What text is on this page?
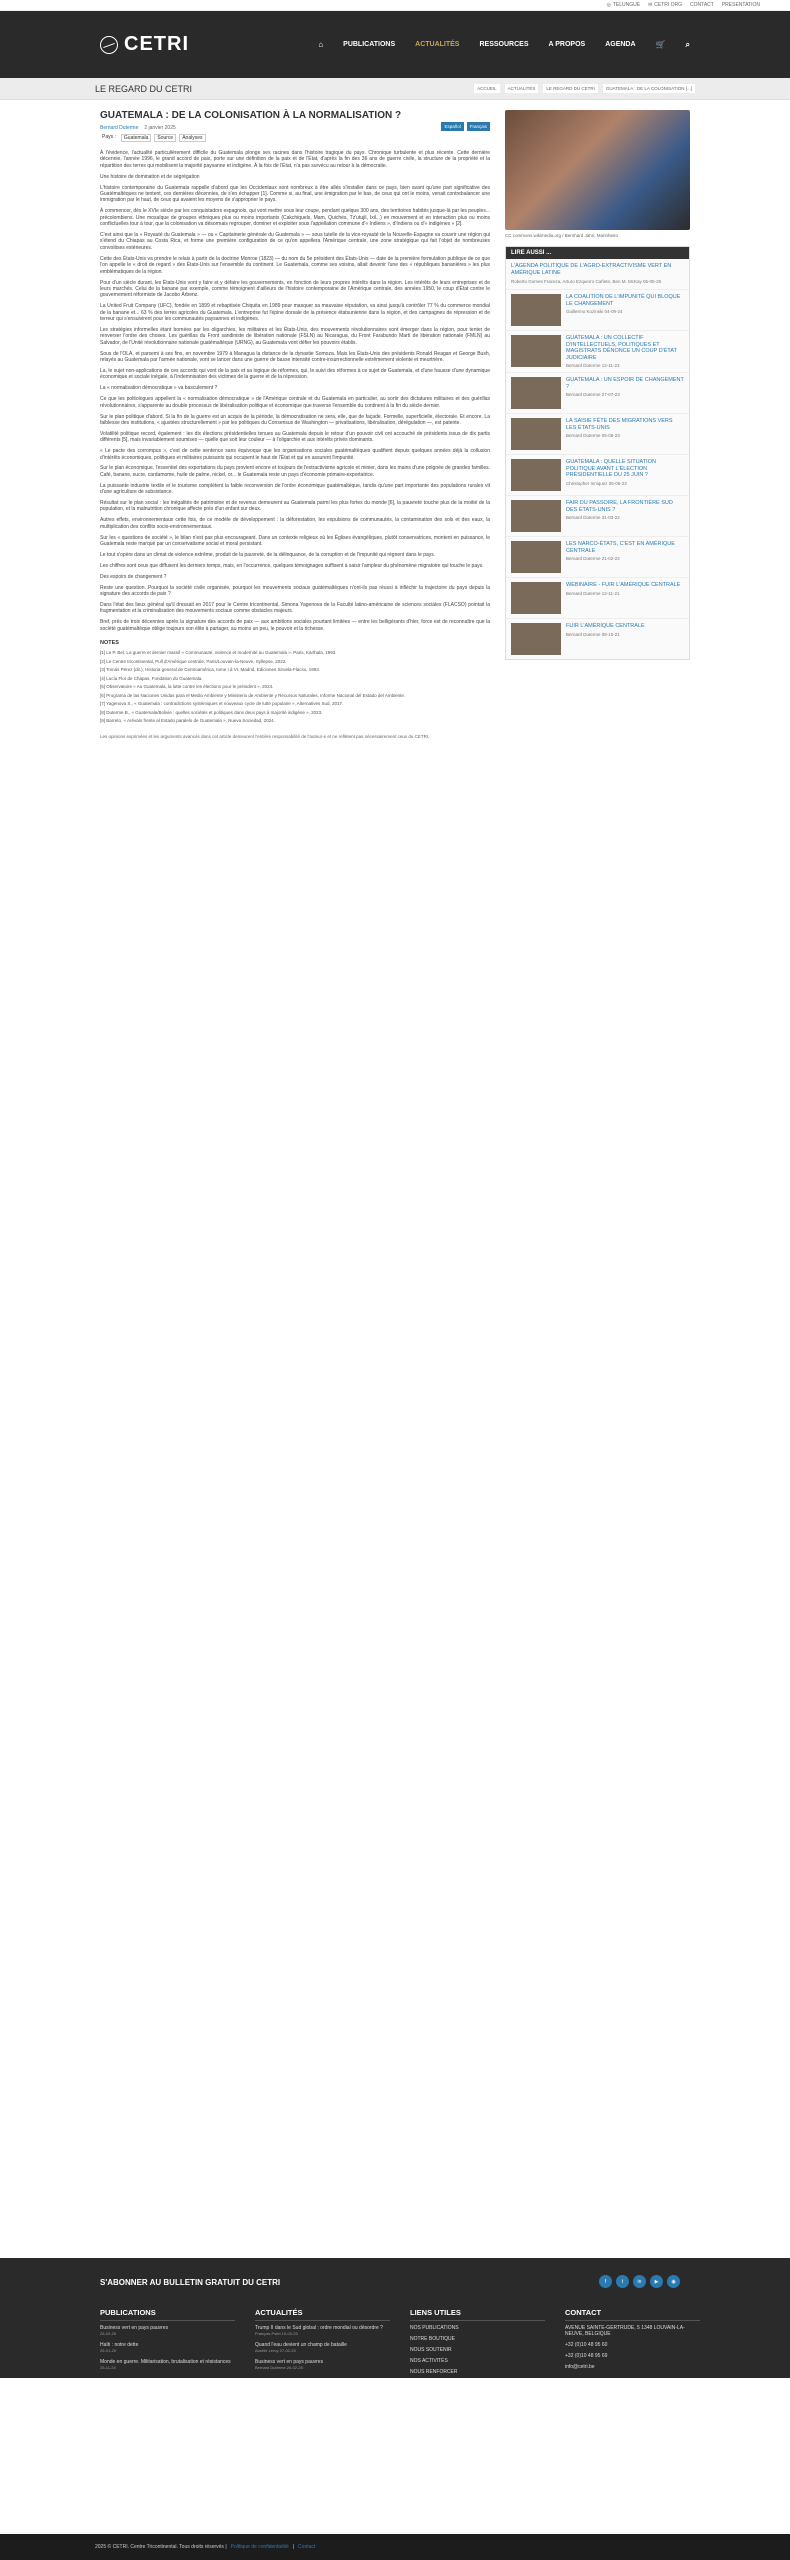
◎ TELUNGUE ✉ CETRI ORG CONTACT PRESENTATION
CETRI	⌂	PUBLICATIONS	ACTUALITÉS	RESSOURCES	A PROPOS	AGENDA	🛒	⌕
LE REGARD DU CETRI	ACCUEIL	ACTUALITÉS	LE REGARD DU CETRI	GUATEMALA : DE LA COLONISATION [...]
GUATEMALA : DE LA COLONISATION À LA NORMALISATION ?
Español	Français
Bernard Duterme 2 janvier 2025
Pays :	Guatemala	Source	Analyses

À l'évidence, l'actualité particulièrement difficile du Guatemala plonge ses racines dans l'histoire tragique du pays. Chronique turbulente et plus récente. Cette dernière décennie, l'année 1996, le grand accord de paix, porte sur une définition de la paix et de l'État, d'après la fin des 36 ans de guerre civile, la structure de la propriété et la répartition des terres qui mobilisent la majorité paysanne et indigène. À la fois de l'État, n'a pas survécu au retour à la démocratie.

Une histoire de domination et de ségrégation

L'histoire contemporaine du Guatemala rappelle d'abord que les Occidentaux sont nombreux à être allés s'installer dans ce pays, bien avant qu'une part significative des Guatémaltèques ne tentent, ces dernières décennies, de s'en échapper [1]. Comme si, au final, une émigration par le bas, de ceux qui ont le moins, venait contrebalancer une immigration par le haut, de ceux qui avaient les moyens de s'approprier le pays.

À commencer, dès le XVIe siècle par les conquistadors espagnols, qui vont mettre sous leur coupe, pendant quelque 300 ans, des territoires habités jusque-là par les peuples... précolombiens. Une mosaïque de groupes ethniques plus ou moins importants (Cakchiquels, Mam, Quichés, Tz'utujil, Ixil...) en mouvement et en interaction plus ou moins conflictuelles tour à tour, que la colonisation va désormais regrouper, dominer et exploiter sous l'appellation commune d'« Indiens », d'Indiens ou d'« indigènes » [2].

C'est ainsi que la « Royauté du Guatemala » — ou « Capitainerie générale du Guatemala » — sous tutelle de la vice-royauté de la Nouvelle-Espagne va couvrir une région qui s'étend du Chiapas au Costa Rica, et forme une première configuration de ce qu'on appellera l'Amérique centrale, une zone stratégique qui fait l'objet de nombreuses convoitises extérieures.

Cette des États-Unis va prendre le relais à partir de la doctrine Monroe (1823) — du nom du 5e président des États-Unis — date de la première formulation publique de ce que l'on appelle le « droit de regard » des États-Unis sur l'ensemble du continent. Le Guatemala, comme ses voisins, allait devenir l'une des « républiques bananières » les plus emblématiques de la région.

Pour d'un siècle durant, les États-Unis vont y faire et y défaire les gouvernements, en fonction de leurs propres intérêts dans la région. Les intérêts de leurs entreprises et de leurs marchés. Celui de la banane par exemple, comme témoignent d'ailleurs de l'histoire contemporaine de l'Amérique centrale, des années 1950, le coup d'État contre le gouvernement réformiste de Jacobo Árbenz.

La United Fruit Company (UFC), fondée en 1899 et rebaptisée Chiquita en 1989 pour masquer sa mauvaise réputation, va ainsi jusqu'à contrôler 77 % du commerce mondial de la banane et... 63 % des terres agricoles du Guatemala. L'entreprise fut l'épine dorsale de la présence étatsunienne dans la région, et des campagnes de répression et de terreur qui s'ensuivirent pour les communautés paysannes et indigènes.

Les stratégies informelles étant bornées par les oligarchies, les militaires et les États-Unis, des mouvements révolutionnaires vont émerger dans la région, pour tenter de renverser l'ordre des choses. Les guérillas du Front sandiniste de libération nationale (FSLN) au Nicaragua, du Front Farabundo Martí de libération nationale (FMLN) au Salvador, de l'Unité révolutionnaire nationale guatémaltèque (URNG), au Guatemala vont défier les pouvoirs établis.

Sous de l'OLA, et parsemi à ses fins, en novembre 1979 à Managua la distance de la dynastie Somoza. Mais les États-Unis des présidents Ronald Reagan et George Bush, relayés au Guatemala par l'armée nationale, vont se lancer dans une guerre de basse intensité contre-insurrectionnelle extrêmement violente et meurtrière.

La, le sujet non-applications de ces accords qui vont de la paix et sa logique de réformes, qui, le suivi des réformes à ce sujet de Guatemala, et d'une hausse d'une dynamique économique et sociale inégale, à l'indemnisation des victimes de la guerre et de la répression.

La « normalisation démocratique » va basculement ?

Ce que les politologues appellent la « normalisation démocratique » de l'Amérique centrale et du Guatemala en particulier, au sortir des dictatures militaires et des guérillas révolutionnaires, s'apparente au double processus de libéralisation politique et économique que traverse l'ensemble du continent à la fin du siècle dernier.

Sur le plan politique d'abord. Si la fin de la guerre est un acquis de la période, la démocratisation ne sera, elle, que de façade. Formelle, superficielle, électorale. Et encore. La faiblesse des institutions, « ajustées structurellement » par les politiques du Consensus de Washington — privatisations, libéralisation, dérégulation —, est patente.

Volatilité politique record, également : les dix élections présidentielles tenues au Guatemala depuis le retour d'un pouvoir civil ont accouché de présidents issus de dix partis différents [5], mais invariablement soumises — quelle que soit leur couleur — à l'oligarchie et aux intérêts privés dominants.

« Le pacte des corrompus », c'est de cette sentence sans équivoque que les organisations sociales guatémaltèques qualifient depuis quelques années déjà la collusion d'intérêts économiques, politiques et militaires puissants qui occupent le haut de l'État et qui en assurent l'impunité.

Sur le plan économique, l'essentiel des exportations du pays provient encore et toujours de l'extractivisme agricole et minier, dans les mains d'une poignée de grandes familles. Café, banane, sucre, cardamome, huile de palme, nickel, or... le Guatemala reste un pays d'économie primaire-exportatrice.

La puissante industrie textile et le tourisme complètent la faible reconversion de l'ordre économique guatémaltèque, tandis qu'une part importante des populations rurales vit d'une agriculture de subsistance.

Résultat sur le plan social : les inégalités de patrimoine et de revenus demeurent au Guatemala parmi les plus fortes du monde [6], la pauvreté touche plus de la moitié de la population, et la malnutrition chronique affecte près d'un enfant sur deux.

Autres effets, environnementaux cette fois, de ce modèle de développement : la déforestation, les expulsions de communautés, la contamination des sols et des eaux, la multiplication des conflits socio-environnementaux.

Sur les « questions de société », le bilan n'est pas plus encourageant. Dans un contexte religieux où les Églises évangéliques, plutôt conservatrices, montent en puissance, le Guatemala reste marqué par un conservatisme social et moral persistant.

Le tout s'opère dans un climat de violence extrême, produit de la pauvreté, de la délinquance, de la corruption et de l'impunité qui règnent dans le pays.

Les chiffres sont ceux que diffusent les derniers temps, mais, en l'occurrence, quelques témoignages suffisent à saisir l'ampleur du phénomène migratoire qui touche le pays.

Des espoirs de changement ?

Reste une question. Pourquoi la société civile organisée, pourquoi les mouvements sociaux guatémaltèques n'ont-ils pas réussi à infléchir la trajectoire du pays depuis la signature des accords de paix ?

Dans l'état des lieux général qu'il dressait en 2017 pour le Centre tricontinental, Simona Yagenova de la Faculté latino-américaine de sciences sociales (FLACSO) pointait la fragmentation et la criminalisation des mouvements sociaux comme obstacles majeurs.

Bref, près de trois décennies après la signature des accords de paix — aux ambitions sociales pourtant limitées — entre les belligérants d'hier, force est de reconnaître que la société guatémaltèque oblige toujours son élite à partager, au moins un peu, le pouvoir et la richesse.

NOTES

[1] Le P. Bel, La guerre et dernier massif « Communauté, violence et modernité au Guatemala ». Paris, Karthala, 1993.

[2] Le Centre tricontinental, Pull d'Amérique centrale, Paris/Louvain-la-Neuve, Syllepse, 2022.

[3] Tomás Pérez (dir.), Historia general de Centroamérica, tome I à VI, Madrid, Ediciones Siruela-Flacso, 1993.

[4] Lucía Flor de Chapas, Fondation du Guatemala.

[5] Observatoire « Au Guatemala, la lutte contre les élections pour le président », 2024.

[6] Programa de las Naciones Unidas para el Medio Ambiente y Ministerio de Ambiente y Recursos Naturales, Informe Nacional del Estado del Ambiente.

[7] Yagenova S., « Guatemala : contradictions systémiques et nouveaux cycle de lutte populaire », Alternatives Sud, 2017.

[8] Duterme B., « Guatemala/Bolivie : quelles sociétés et politiques dans deux pays à majorité indigène », 2023.

[9] Barreto, « Arévalo frente al Estado paralelo de Guatemala », Nueva Sociedad, 2024.

Les opinions exprimées et les arguments avancés dans cet article demeurent l'entière responsabilité de l'auteur-e et ne reflètent pas nécessairement ceux du CETRI.
CC commons.wikimedia.org / Bernhard Jahn, Marinheiro
LIRE AUSSI ...
L'AGENDA POLITIQUE DE L'AGRO-EXTRACTIVISME VERT EN AMÉRIQUE LATINE
Roberto Gomes Fraceza, Arturo Ezquerro Cañete, Ben M. McKay 05-05-25
LA COALITION DE L'IMPUNITÉ QUI BLOQUE LE CHANGEMENT
Guillermo Kozinski 04-09-24
GUATEMALA : UN COLLECTIF D'INTELLECTUELS, POLITIQUES ET MAGISTRATS DÉNONCE UN COUP D'ÉTAT JUDICIAIRE
Bernard Duterme 12-11-23
GUATEMALA : UN ESPOIR DE CHANGEMENT ?
Bernard Duterme 27-07-23
LA SAISIE FÊTE DES MIGRATIONS VERS LES ÉTATS-UNIS
Bernard Duterme 05-05-23
GUATEMALA : QUELLE SITUATION POLITIQUE AVANT L'ÉLECTION PRÉSIDENTIELLE DU 25 JUIN ?
Christopher Inniquez 05-06-23
FAIR DU PASSOIRE, LA FRONTIÈRE SUD DES ÉTATS-UNIS ?
Bernard Duterme 31-03-22
LES NARCO-ÉTATS, C'EST EN AMÉRIQUE CENTRALE
Bernard Duterme 21-02-22
WEBINAIRE - FUIR L'AMÉRIQUE CENTRALE
Bernard Duterme 12-11-21
FUIR L'AMÉRIQUE CENTRALE
Bernard Duterme 08-10-21
S'ABONNER AU BULLETIN GRATUIT DU CETRI	f	t	in	▶	◉
PUBLICATIONS

Business vert en pays pauvres
26-02-25

Haïti : notre dette
26-01-25

Monde en guerre. Militarisation, brutalisation et résistances
25-11-24

ACTUALITÉS

Trump II dans le Sud global : ordre mondial ou désordre ?
François Polet 19-03-25

Quand l'eau devient un champ de bataille
Aurélie Leroy 27-02-25

Business vert en pays pauvres
Bernard Duterme 26-02-25

LIENS UTILES

NOS PUBLICATIONS

NOTRE BOUTIQUE

NOUS SOUTENIR

NOS ACTIVITÉS

NOUS RENFORCER

CONTACT

AVENUE SAINTE-GERTRUDE, 5 1348 LOUVAIN-LA-NEUVE, BELGIQUE

+32 (0)10 48 95 60

+32 (0)10 48 95 69

info@cetri.be

2025 © CETRI. Centre Tricontinental. Tous droits réservés | Politique de confidentialité | Contact
